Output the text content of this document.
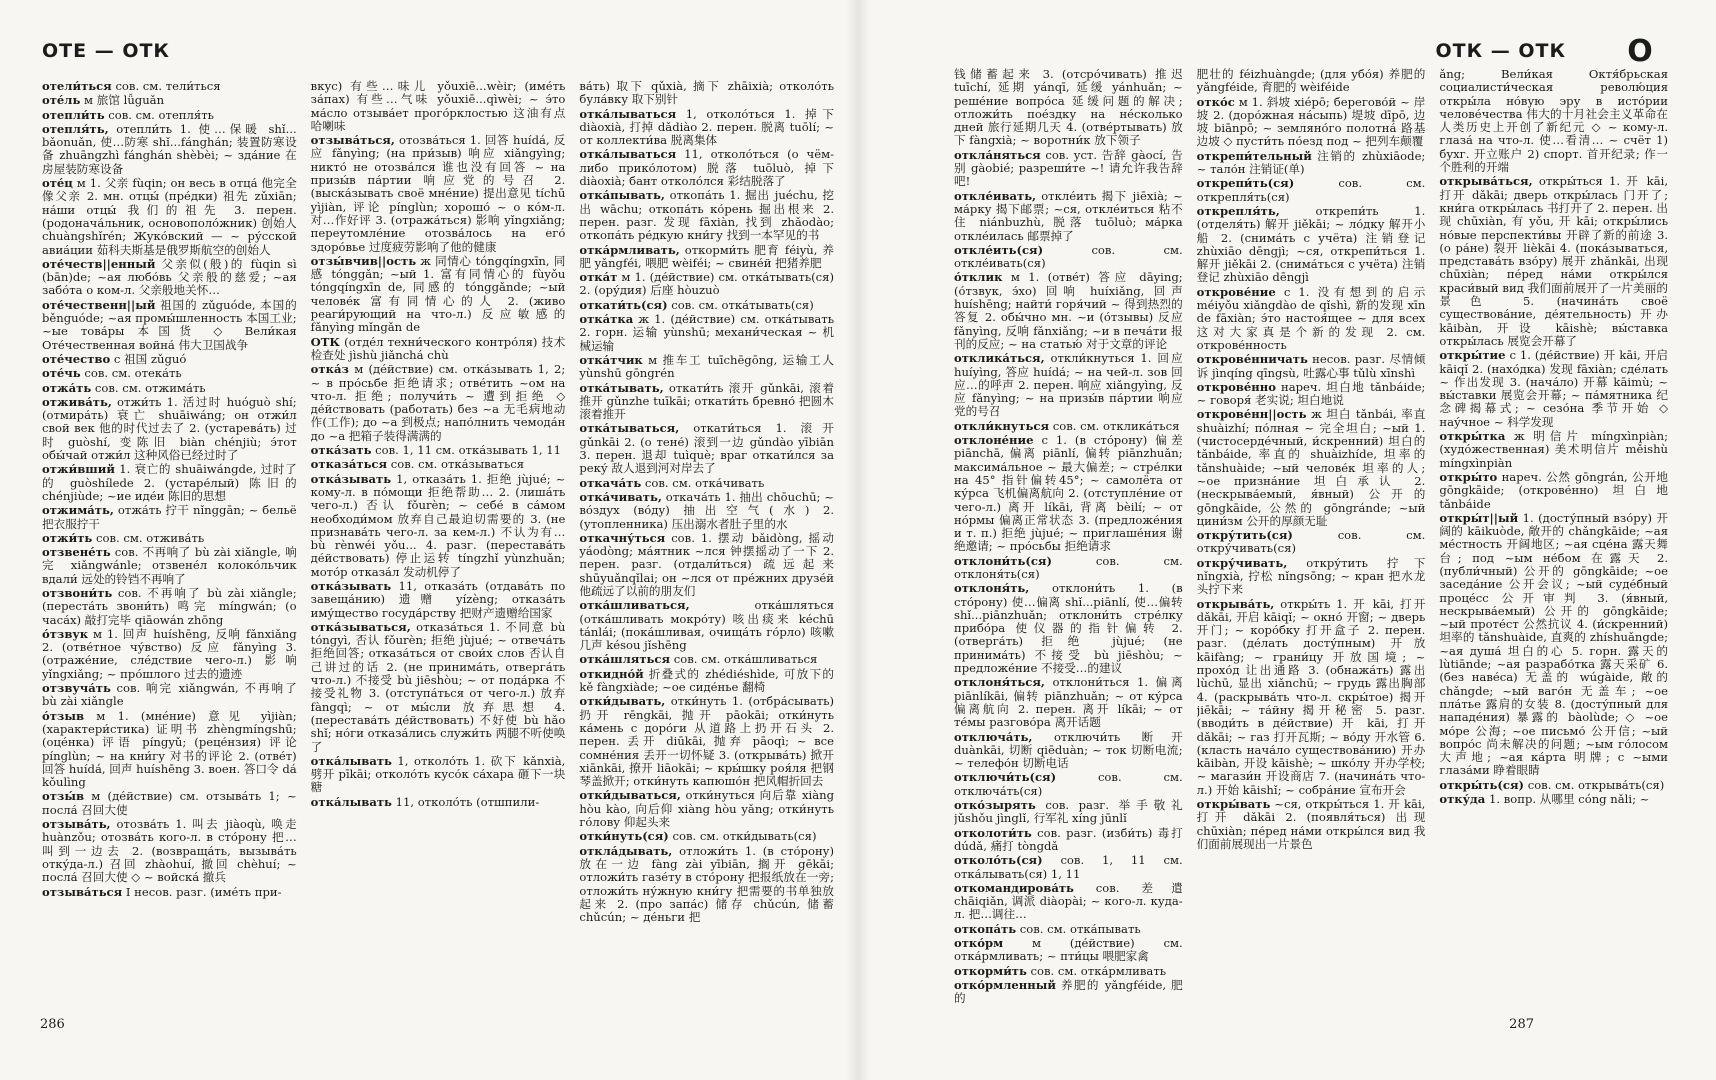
ОТЕ — ОТК
отели́ться сов. см. тели́ться
оте́ль м 旅馆 lǚguǎn
отепли́ть сов. см. отепля́ть
отепля́ть, отепли́ть 1. 使…保暖 shǐ... bǎonuǎn, 使…防寒 shǐ...fánghán; 装置防寒设备 zhuāngzhì fánghán shèbèi; ~ зда́ние 在房屋装防寒设备
оте́ц м 1. 父亲 fùqin; он весь в отца́ 他完全像父亲 2. мн. отцы́ (пре́дки) 祖先 zǔxiān; на́ши отцы́ 我们的祖先 3. перен. (родонача́льник, основополо́жник) 创始人 chuàngshǐrén; Жуко́вский — ~ ру́сской авиа́ции 茹科夫斯基是俄罗斯航空的创始人
оте́честв||енный 父亲似(般)的 fùqin sì (bān)de; ~ая любо́вь 父亲般的慈爱; ~ая забо́та о ком-л. 父亲般地关怀…
оте́чественн||ый 祖国的 zǔguóde, 本国的 běnguóde; ~ая промы́шленность 本国工业; ~ые това́ры 本国货 ◇ Вели́кая Оте́чественная война́ 伟大卫国战争
оте́чество с 祖国 zǔguó
оте́чь сов. см. отека́ть
отжа́ть сов. см. отжима́ть
отжива́ть, отжи́ть 1. 活过时 huóguò shí; (отмира́ть) 衰亡 shuāiwáng; он отжи́л свой век 他的时代过去了 2. (устарева́ть) 过时 guòshí, 变陈旧 biàn chénjiù; э́тот обы́чай отжи́л 这种风俗已经过时了
отжи́вший 1. 衰亡的 shuāiwángde, 过时了的 guòshílede 2. (устаре́лый) 陈旧的 chénjiùde; ~ие иде́и 陈旧的思想
отжима́ть, отжа́ть 拧干 nǐnggān; ~ бельё 把衣服拧干
отжи́ть сов. см. отжива́ть
отзвене́ть сов. 不再响了 bù zài xiǎngle, 响完 xiǎngwánle; отзвене́л колоко́льчик вдали́ 远处的铃铛不再响了
отзвони́ть сов. 不再响了 bù zài xiǎngle; (переста́ть звони́ть) 鸣完 míngwán; (о часа́х) 敲打完毕 qiāowán zhōng
о́тзвук м 1. 回声 huíshēng, 反响 fǎnxiǎng 2. (отве́тное чу́вство) 反应 fǎnyìng 3. (отраже́ние, сле́дствие чего-л.) 影响 yǐngxiǎng; ~ про́шлого 过去的遗迹
отзвуча́ть сов. 响完 xiǎngwán, 不再响了 bù zài xiǎngle
о́тзыв м 1. (мне́ние) 意见 yìjiàn; (характери́стика) 证明书 zhèngmíngshū; (оце́нка) 评语 píngyǔ; (реце́нзия) 评论 pínglùn; ~ на кни́гу 对书的评论 2. (отве́т) 回答 huídá, 回声 huíshēng 3. воен. 答口令 dá kǒulìng
отзы́в м (де́йствие) см. отзыва́ть 1; ~ посла́ 召回大使
отзыва́ть, отозва́ть 1. 叫去 jiàoqù, 唤走 huànzǒu; отозва́ть кого-л. в сто́рону 把…叫到一边去 2. (возвраща́ть, вызыва́ть отку́да-л.) 召回 zhàohuí, 撤回 chèhuí; ~ посла́ 召回大使 ◇ ~ войска́ 撤兵
отзыва́ться I несов. разг. (име́ть при-
вкус) 有些…味儿 yǒuxiē...wèir; (име́ть за́пах) 有些…气味 yǒuxiē...qìwèi; ~ э́то ма́сло отзыва́ет прого́рклостью 这油有点哈喇味
отзыва́ться, отозва́ться 1. 回答 huídá, 反应 fǎnyìng; (на при́зыв) 响应 xiǎngyìng; никто́ не отозва́лся 谁也没有回答 ~ на призы́в па́ртии 响应党的号召 2. (выска́зывать своё мне́ние) 提出意见 tíchū yìjiàn, 评论 pínglùn; хорошо́ ~ о ко́м-л. 对…作好评 3. (отража́ться) 影响 yǐngxiǎng; переутомле́ние отозва́лось на его́ здоро́вье 过度疲劳影响了他的健康
отзы́вчив||ость ж 同情心 tóngqíngxīn, 同感 tónggǎn; ~ый 1. 富有同情心的 fùyǒu tóngqíngxīn de, 同感的 tónggǎnde; ~ый челове́к 富有同情心的人 2. (живо реаги́рующий на что-л.) 反应敏感的 fǎnyìng mǐngǎn de
ОТК (отде́л техни́ческого контро́ля) 技术检查处 jìshù jiǎnchá chù
отка́з м (де́йствие) см. отка́зывать 1, 2; ~ в про́сьбе 拒绝请求; отве́тить ~ом на что-л. 拒绝; получи́ть ~ 遭到拒绝 ◇ де́йствовать (работать) без ~а 无毛病地动作(工作); до ~а 到极点; напо́лнить чемода́н до ~а 把箱子装得满满的
отка́зать сов. 1, 11 см. отка́зывать 1, 11
отказа́ться сов. см. отка́зываться
отка́зывать 1, отказа́ть 1. 拒绝 jùjué; ~ кому-л. в по́мощи 拒绝帮助… 2. (лиша́ть чего-л.) 否认 fǒurèn; ~ себе́ в са́мом необходи́мом 放弃自己最迫切需要的 3. (не признава́ть чего-л. за кем-л.) 不认为有… bù rènwéi yǒu... 4. разг. (перестава́ть де́йствовать) 停止运转 tíngzhǐ yùnzhuǎn; мото́р отказа́л 发动机停了
отка́зывать 11, отказа́ть (отдава́ть по завеща́нию) 遗赠 yízèng; отказа́ть иму́щество госуда́рству 把财产遗赠给国家
отка́зываться, отказа́ться 1. 不同意 bù tóngyì, 否认 fǒurèn; 拒绝 jùjué; ~ отвеча́ть 拒绝回答; отказа́ться от свои́х слов 否认自己讲过的话 2. (не принима́ть, отверга́ть что-л.) 不接受 bù jiēshòu; ~ от пода́рка 不接受礼物 3. (отступа́ться от чего-л.) 放弃 fàngqì; ~ от мы́сли 放弃思想 4. (перестава́ть де́йствовать) 不好使 bù hǎo shǐ; но́ги отказа́лись служи́ть 两腿不听使唤了
отка́лывать 1, отколо́ть 1. 砍下 kǎnxià, 劈开 pīkāi; отколо́ть кусо́к са́хара 砸下一块糖
отка́лывать 11, отколо́ть (отшпили-
ва́ть) 取下 qǔxià, 摘下 zhāixià; отколо́ть була́вку 取下别针
отка́лываться 1, отколо́ться 1. 掉下 diàoxià, 打掉 dǎdiào 2. перен. 脱离 tuōlí; ~ от коллекти́ва 脱离集体
отка́лываться 11, отколо́ться (о чём-либо прико́лотом) 脱落 tuōluò, 掉下 diàoxià; бант отколо́лся 彩结脱落了
отка́пывать, откопа́ть 1. 掘出 juéchu, 挖出 wāchu; откопа́ть ко́рень 掘出根来 2. перен. разг. 发现 fāxiàn, 找到 zhǎodào; откопа́ть ре́дкую кни́гу 找到一本罕见的书
отка́рмливать, откорми́ть 肥育 féiyù, 养肥 yǎngféi, 喂肥 wèiféi; ~ свине́й 把猪养肥
отка́т м 1. (де́йствие) см. отка́тывать(ся) 2. (ору́дия) 后座 hòuzuò
откати́ть(ся) сов. см. отка́тывать(ся)
отка́тка ж 1. (де́йствие) см. отка́тывать 2. горн. 运输 yùnshū; механи́ческая ~ 机械运输
отка́тчик м 推车工 tuīchēgōng, 运输工人 yùnshū gōngrén
отка́тывать, откати́ть 滚开 gǔnkāi, 滚着推开 gǔnzhe tuīkāi; откати́ть бревно́ 把圆木滚着推开
отка́тываться, откати́ться 1. 滚开 gǔnkāi 2. (о тене́) 滚到一边 gǔndào yībiān 3. перен. 退却 tuìquè; враг откати́лся за реку́ 敌人退到河对岸去了
откача́ть сов. см. отка́чивать
отка́чивать, откача́ть 1. 抽出 chōuchū; ~ во́здух (во́ду) 抽出空气(水) 2. (утопленника) 压出溺水者肚子里的水
откачну́ться сов. 1. 摆动 bǎidòng, 摇动 yáodòng; ма́ятник ~лся 钟摆摇动了一下 2. перен. разг. (отдали́ться) 疏远起来 shūyuǎnqǐlai; он ~лся от пре́жних друзе́й 他疏远了以前的朋友们
отка́шливаться,	отка́шляться (отка́шливать мокро́ту) 咳出痰来 kéchū tánlái; (пока́шливая, очища́ть го́рло) 咳嗽几声 késou jǐshēng
отка́шляться сов. см. отка́шливаться
откидно́й 折叠式的 zhédiéshìde, 可放下的 kě fàngxiàde; ~ое сиде́нье 翻椅
отки́дывать, отки́нуть 1. (отбра́сывать) 扔开 rēngkāi, 抛开 pāokāi; отки́нуть ка́мень с доро́ги 从道路上扔开石头 2. перен. 丢开 diūkāi, 抛弃 pāoqì; ~ все сомне́ния 丢开一切怀疑 3. (открыва́ть) 掀开 xiānkāi, 撩开 liāokāi; ~ кры́шку роя́ля 把钢琴盖掀开; отки́нуть капюшо́н 把风帽折回去
отки́дываться, отки́нуться 向后靠 xiàng hòu kào, 向后仰 xiàng hòu yǎng; отки́нуть го́лову 仰起头来
отки́нуть(ся) сов. см. отки́дывать(ся)
откла́дывать, отложи́ть 1. (в сто́рону) 放在一边 fàng zài yībiān, 搁开 gēkāi; отложи́ть газе́ту в сто́рону 把报纸放在一旁; отложи́ть ну́жную кни́гу 把需要的书单独放起来 2. (про запа́с) 储存 chǔcún, 储蓄 chǔcún; ~ де́ньги 把
286
ОТК — ОТК О
钱储蓄起来 3. (отсро́чивать) 推迟 tuīchí, 延期 yánqī, 延缓 yánhuǎn; ~ реше́ние вопро́са 延缓问题的解决; отложи́ть пое́здку на не́сколько дней 旅行延期几天 4. (отве́ртывать) 放下 fàngxià; ~ воротни́к 放下领子
откла́няться сов. уст. 告辞 gàocí, 告别 gàobié; разреши́те ~! 请允许我告辞吧!
откле́ивать, откле́ить 揭下 jiēxià; ~ ма́рку 揭下邮票; ~ся, откле́иться 粘不住 niánbuzhù, 脱落 tuōluò; ма́рка откле́илась 邮票掉了
откле́ить(ся)	сов. см. откле́ивать(ся)
о́тклик м 1. (отве́т) 答应 dāying; (о́тзвук, э́хо) 回响 huíxiǎng, 回声 huíshēng; найти́ горя́чий ~ 得到热烈的答复 2. обы́чно мн. ~и (о́тзывы) 反应 fǎnyìng, 反响 fǎnxiǎng; ~и в печа́ти 报刊的反应; ~ на статью́ 对于文章的评论
отклика́ться, откли́кнуться 1. 回应 huíyìng, 答应 huídá; ~ на чей-л. зов 回应…的呼声 2. перен. 响应 xiǎngyìng, 反应 fǎnyìng; ~ на призы́в па́ртии 响应党的号召
откли́кнуться сов. см. отклика́ться
отклоне́ние с 1. (в сто́рону) 偏差 piānchā, 偏离 piānlí, 偏转 piānzhuǎn; максима́льное ~ 最大偏差; ~ стре́лки на 45° 指针偏转45°; ~ самолёта от ку́рса 飞机偏离航向 2. (отступле́ние от чего-л.) 离开 líkāi, 背离 bèilí; ~ от но́рмы 偏离正常状态 3. (предложе́ния и т. п.) 拒绝 jùjué; ~ приглаше́ния 谢绝邀请; ~ про́сьбы 拒绝请求
отклони́ть(ся)	сов. см. отклоня́ть(ся)
отклоня́ть, отклони́ть 1. (в сто́рону) 使…偏离 shǐ...piānlí, 使…偏转 shǐ...piānzhuǎn; отклони́ть стре́лку прибо́ра 使仪器的指针偏转 2. (отверга́ть) 拒绝 jùjué; (не принима́ть) 不接受 bù jiēshòu; ~ предложе́ние 不接受…的建议
отклоня́ться, отклони́ться 1. 偏离 piānlíkāi, 偏转 piānzhuǎn; ~ от ку́рса 偏离航向 2. перен. 离开 líkāi; ~ от те́мы разгово́ра 离开话题
отключа́ть, отключи́ть 断开 duànkāi, 切断 qiēduàn; ~ ток 切断电流; ~ телефо́н 切断电话
отключи́ть(ся)	сов. см. отключа́ть(ся)
отко́зырять сов. разг. 举手敬礼 jǔshǒu jìnglǐ, 行军礼 xíng jūnlǐ
отколоти́ть сов. разг. (изби́ть) 毒打 dúdǎ, 痛打 tòngdǎ
отколо́ть(ся) сов. 1, 11 см. отка́лывать(ся) 1, 11
откомандирова́ть сов. 差遣 chāiqiǎn, 调派 diàopài; ~ кого-л. куда-л. 把…调往…
откопа́ть сов. см. отка́пывать
отко́рм м (де́йствие) см. отка́рмливать; ~ пти́цы 喂肥家禽
откорми́ть сов. см. отка́рмливать
отко́рмленный 养肥的 yǎngféide, 肥的
肥壮的 féizhuàngde; (для убо́я) 养肥的 yǎngféide, 育肥的 wèiféide
отко́с м 1. 斜坡 xiépō; берегово́й ~ 岸坡 2. (доро́жная на́сыпь) 堤坡 dīpō, 边坡 biānpō; ~ земляно́го полотна́ 路基边坡 ◇ пусти́ть по́езд под ~ 把列车颠覆
открепи́тельный 注销的 zhùxiāode; ~ тало́н 注销证(单)
открепи́ть(ся)	сов. см. открепля́ть(ся)
открепля́ть,	открепи́ть 1. (отделя́ть) 解开 jiěkāi; ~ ло́дку 解开小船 2. (снима́ть с учёта) 注销登记 zhùxiāo dēngjì; ~ся, открепи́ться 1. 解开 jiěkāi 2. (снима́ться с учёта) 注销登记 zhùxiāo dēngjì
открове́ние с 1. 没有想到的启示 méiyǒu xiǎngdào de qǐshì, 新的发现 xīn de fāxiàn; э́то настоя́щее ~ для всех 这对大家真是个新的发现 2. см. открове́нность
открове́нничать несов. разг. 尽情倾诉 jìnqíng qīngsù, 吐露心事 tǔlù xīnshì
открове́нно нареч. 坦白地 tǎnbáide; ~ говоря́ 老实说; 坦白地说
открове́нн||ость ж 坦白 tǎnbái, 率直 shuàizhí; по́лная ~ 完全坦白; ~ый 1. (чистосерде́чный, и́скренний) 坦白的 tǎnbáide, 率直的 shuàizhíde, 坦率的 tǎnshuàide; ~ый челове́к 坦率的人; ~ое призна́ние 坦白承认 2. (нескрыва́емый, я́вный) 公开的 gōngkāide, 公然的 gōngránde; ~ый цини́зм 公开的厚颜无耻
откру́тить(ся)	сов. см. откру́чивать(ся)
откру́чивать, откру́тить 拧下 nǐngxià, 拧松 nǐngsōng; ~ кран 把水龙头拧下来
открыва́ть, откры́ть 1. 开 kāi, 打开 dǎkāi, 开启 kāiqǐ; ~ окно́ 开窗; ~ дверь 开门; ~ коро́бку 打开盒子 2. перен. разг. (де́лать досту́пным) 开放 kāifàng; ~ грани́цу 开放国境; ~ прохо́д 让出通路 3. (обнажа́ть) 露出 lùchū, 显出 xiǎnchū; ~ грудь 露出胸部 4. (раскрыва́ть что-л. скры́тое) 揭开 jiēkāi; ~ та́йну 揭开秘密 5. разг. (вводи́ть в де́йствие) 开 kāi, 打开 dǎkāi; ~ газ 打开瓦斯; ~ во́ду 开水管 6. (класть нача́ло существова́нию) 开办 kāibàn, 开设 kāishè; ~ шко́лу 开办学校; ~ магази́н 开设商店 7. (начина́ть что-л.) 开始 kāishǐ; ~ собра́ние 宣布开会
откры́вать ~ся, откры́ться 1. 开 kāi, 打开 dǎkāi 2. (появля́ться) 出现 chūxiàn; пе́ред на́ми откры́лся вид 我们面前展现出一片景色
ǎng; Вели́кая Октя́брьская социалисти́ческая револю́ция откры́ла но́вую эру в исто́рии челове́чества 伟大的十月社会主义革命在人类历史上开创了新纪元 ◇ ~ кому-л. глаза́ на что-л. 使…看清… ~ счёт 1) бухг. 开立账户 2) спорт. 首开纪录; 作一个胜利的开端
открыва́ться, откры́ться 1. 开 kāi, 打开 dǎkāi; дверь откры́лась 门开了; кни́га откры́лась 书打开了 2. перен. 出现 chūxiàn, 有 yǒu, 开 kāi; откры́лись но́вые перспекти́вы 开辟了新的前途 3. (о ра́не) 裂开 lièkāi 4. (пока́зываться, представа́ть взо́ру) 展开 zhǎnkāi, 出现 chūxiàn; пе́ред на́ми откры́лся краси́вый вид 我们面前展开了一片美丽的景色 5. (начина́ть своё существова́ние, де́ятельность) 开办 kāibàn, 开设 kāishè; вы́ставка откры́лась 展览会开幕了
откры́тие с 1. (де́йствие) 开 kāi, 开启 kāiqǐ 2. (нахо́дка) 发现 fāxiàn; сде́лать ~ 作出发现 3. (нача́ло) 开幕 kāimù; ~ вы́ставки 展览会开幕; ~ па́мятника 纪念碑揭幕式; ~ сезо́на 季节开始 ◇ нау́чное ~ 科学发现
откры́тка ж 明信片 míngxìnpiàn; (худо́жественная) 美术明信片 měishù míngxìnpiàn
откры́то нареч. 公然 gōngrán, 公开地 gōngkāide; (открове́нно) 坦白地 tǎnbáide
откры́т||ый 1. (досту́пный взо́ру) 开阔的 kāikuòde, 敞开的 chǎngkāide; ~ая ме́стность 开阔地区; ~ая сце́на 露天舞台; под ~ым не́бом 在露天 2. (публи́чный) 公开的 gōngkāide; ~ое заседа́ние 公开会议; ~ый суде́бный проце́сс 公开审判 3. (я́вный, нескрыва́емый) 公开的 gōngkāide; ~ый проте́ст 公然抗议 4. (и́скренний) 坦率的 tǎnshuàide, 直爽的 zhíshuǎngde; ~ая душа́ 坦白的心 5. горн. 露天的 lùtiānde; ~ая разрабо́тка 露天采矿 6. (без наве́са) 无盖的 wúgàide, 敞的 chǎngde; ~ый ваго́н 无盖车; ~ое пла́тье 露肩的女装 8. (досту́пный для нападе́ния) 暴露的 bàolùde; ◇ ~ое мо́ре 公海; ~ое письмо́ 公开信; ~ый вопро́с 尚未解决的问题; ~ым го́лосом 大声地; ~ая ка́рта 明牌; с ~ыми глаза́ми 睁着眼睛
откры́ть(ся) сов. см. открыва́ть(ся)
отку́да 1. вопр. 从哪里 cóng nǎli; ~
287
